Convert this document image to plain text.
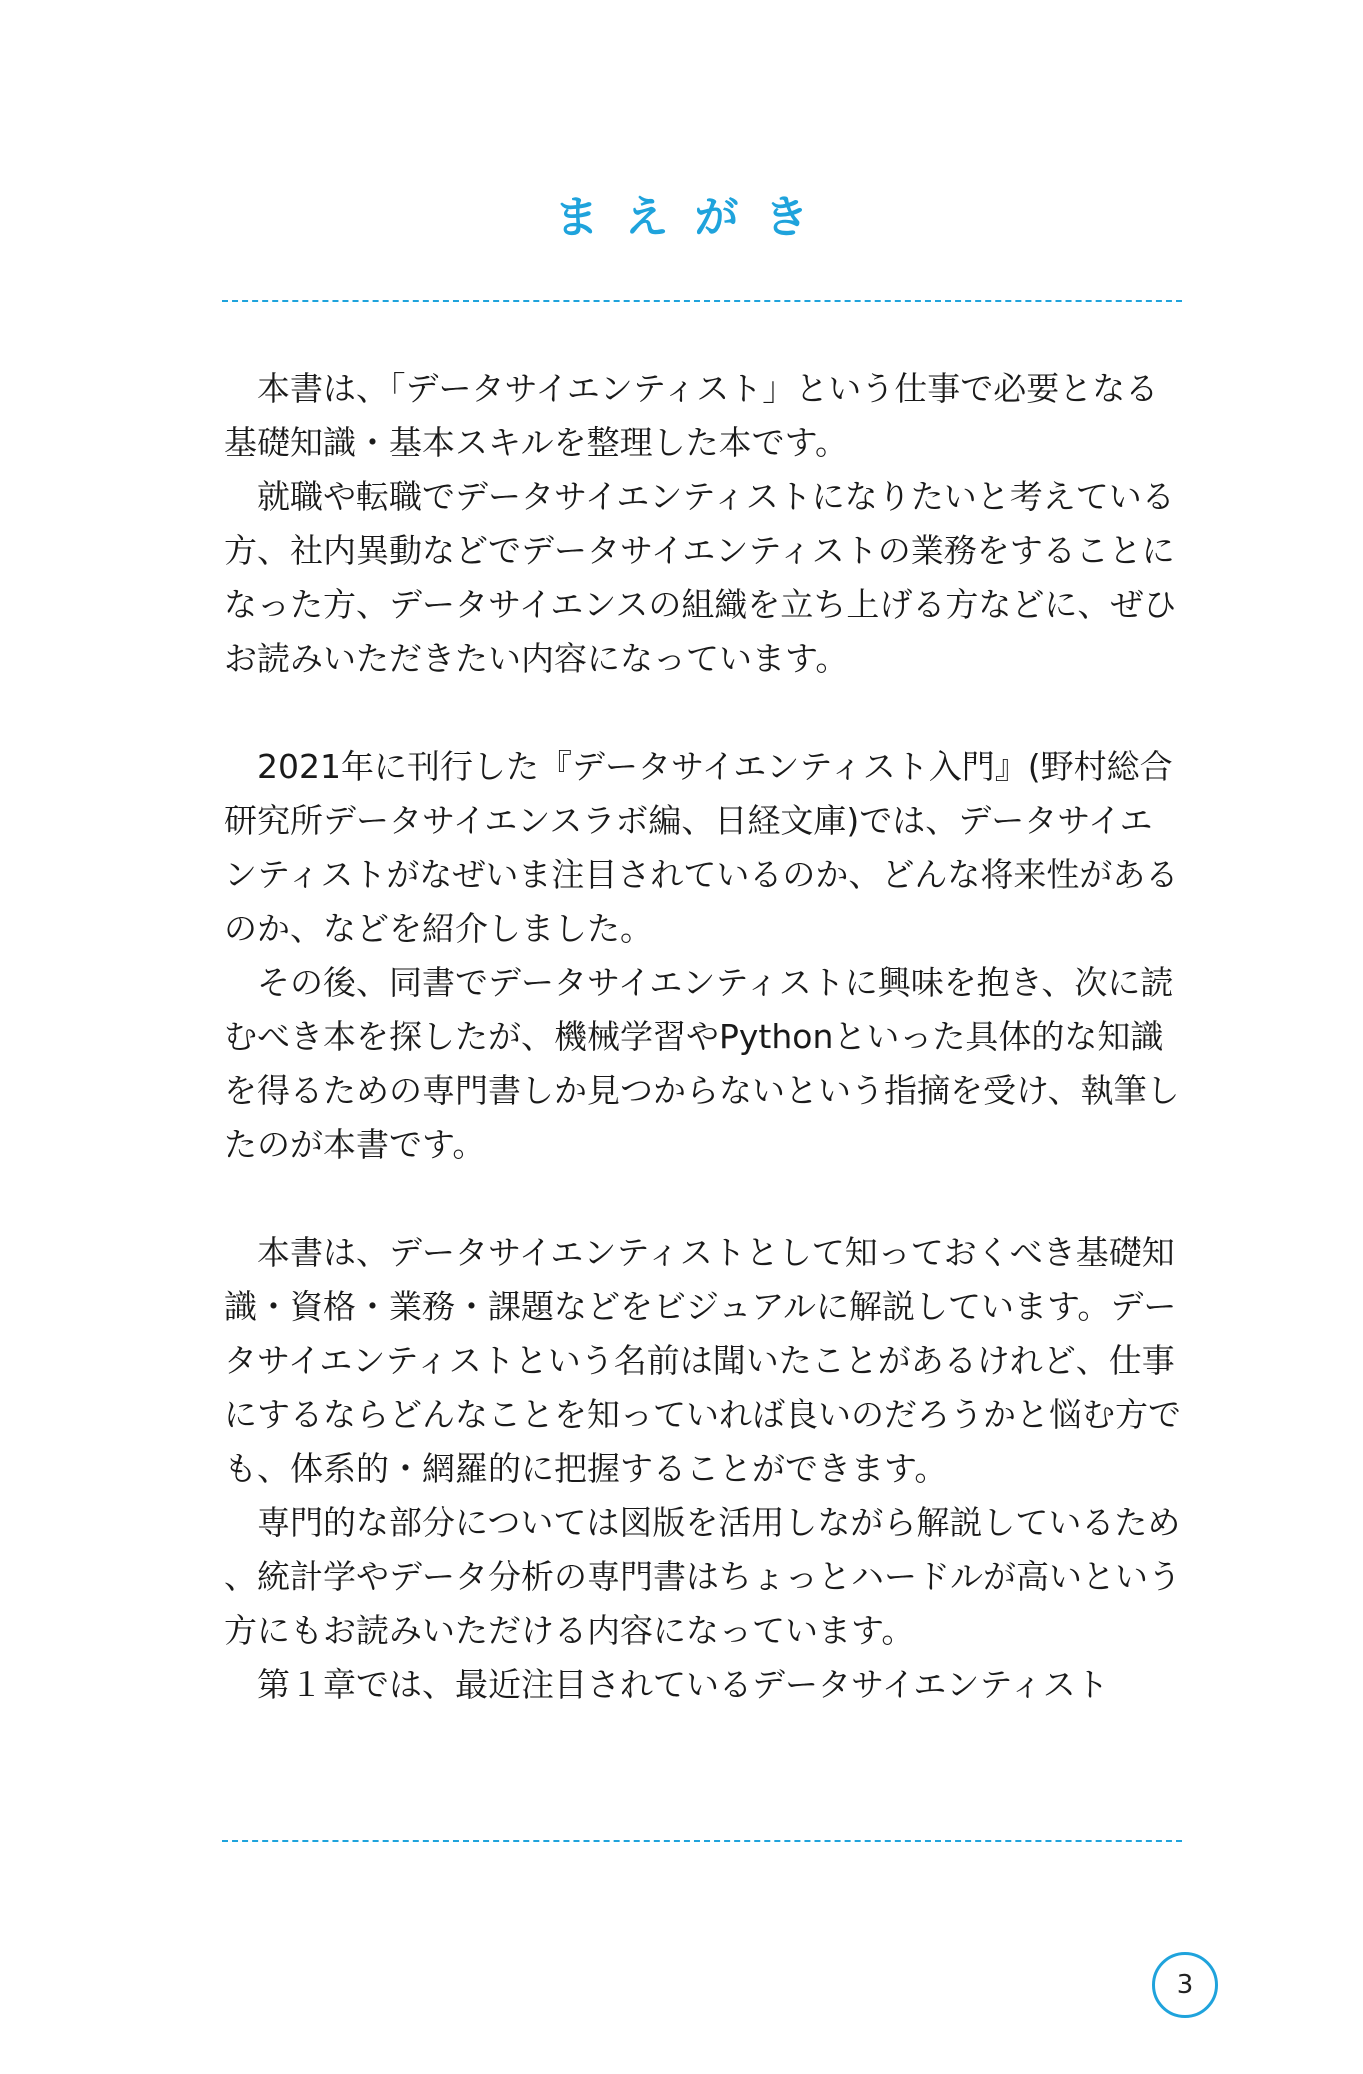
まえがき

本書は、「データサイエンティスト」という仕事で必要となる基礎知識・基本スキルを整理した本です。

就職や転職でデータサイエンティストになりたいと考えている方、社内異動などでデータサイエンティストの業務をすることになった方、データサイエンスの組織を立ち上げる方などに、ぜひお読みいただきたい内容になっています。

2021年に刊行した『データサイエンティスト入門』(野村総合研究所データサイエンスラボ編、日経文庫)では、データサイエンティストがなぜいま注目されているのか、どんな将来性があるのか、などを紹介しました。

その後、同書でデータサイエンティストに興味を抱き、次に読むべき本を探したが、機械学習やPythonといった具体的な知識を得るための専門書しか見つからないという指摘を受け、執筆したのが本書です。

本書は、データサイエンティストとして知っておくべき基礎知識・資格・業務・課題などをビジュアルに解説しています。データサイエンティストという名前は聞いたことがあるけれど、仕事にするならどんなことを知っていれば良いのだろうかと悩む方でも、体系的・網羅的に把握することができます。

専門的な部分については図版を活用しながら解説しているため、統計学やデータ分析の専門書はちょっとハードルが高いという方にもお読みいただける内容になっています。

第１章では、最近注目されているデータサイエンティスト

3
